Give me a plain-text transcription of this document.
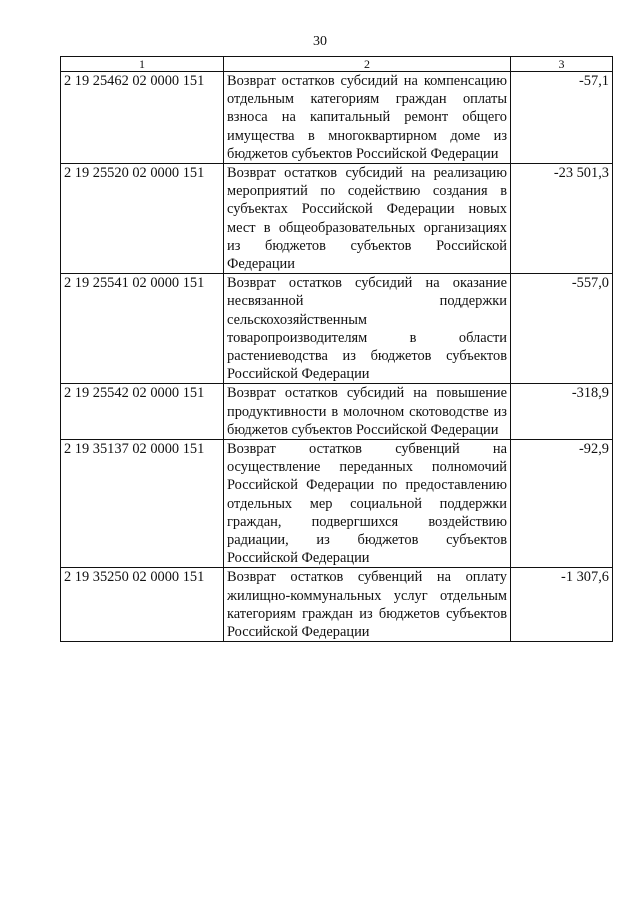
30
1	2	3
2 19 25462 02 0000 151	Возврат остатков субсидий на компенсацию отдельным категориям граждан оплаты взноса на капитальный ремонт общего имущества в многоквартирном доме из бюджетов субъектов Российской Федерации	-57,1
2 19 25520 02 0000 151	Возврат остатков субсидий на реализацию мероприятий по содействию создания в субъектах Российской Федерации новых мест в общеобразовательных организациях из бюджетов субъектов Российской Федерации	-23 501,3
2 19 25541 02 0000 151	Возврат остатков субсидий на оказание несвязанной поддержки сельскохозяйственным товаропроизводителям в области растениеводства из бюджетов субъектов Российской Федерации	-557,0
2 19 25542 02 0000 151	Возврат остатков субсидий на повышение продуктивности в молочном скотоводстве из бюджетов субъектов Российской Федерации	-318,9
2 19 35137 02 0000 151	Возврат остатков субвенций на осуществление переданных полномочий Российской Федерации по предоставлению отдельных мер социальной поддержки граждан, подвергшихся воздействию радиации, из бюджетов субъектов Российской Федерации	-92,9
2 19 35250 02 0000 151	Возврат остатков субвенций на оплату жилищно-коммунальных услуг отдельным категориям граждан из бюджетов субъектов Российской Федерации	-1 307,6
